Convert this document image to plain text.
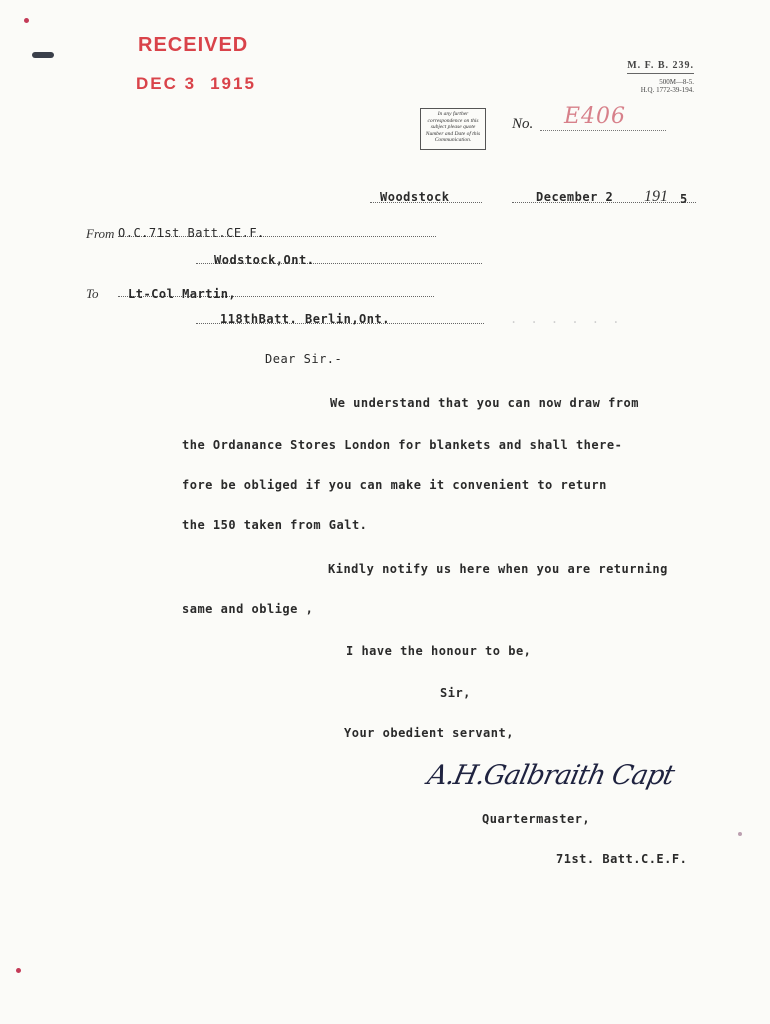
RECEIVED
DEC 3 1915
M. F. B. 239.
500M—8-5.
H.Q. 1772-39-194.
In any further correspondence on this subject please quote Number and Date of this Communication.
No. E406
Woodstock	December 2 191 5
From O.C.71st Batt.CE.F.
Wodstock,Ont.
To Lt-Col Martin,
118thBatt. Berlin,Ont.	. . . . . .
Dear Sir.-
We understand that you can now draw from
the Ordanance Stores London for blankets and shall there-
fore be obliged if you can make it convenient to return
the 150 taken from Galt.
Kindly notify us here when you are returning
same and oblige ,
I have the honour to be,
Sir,
Your obedient servant,
A.H.Galbraith Capt
Quartermaster,
71st. Batt.C.E.F.
